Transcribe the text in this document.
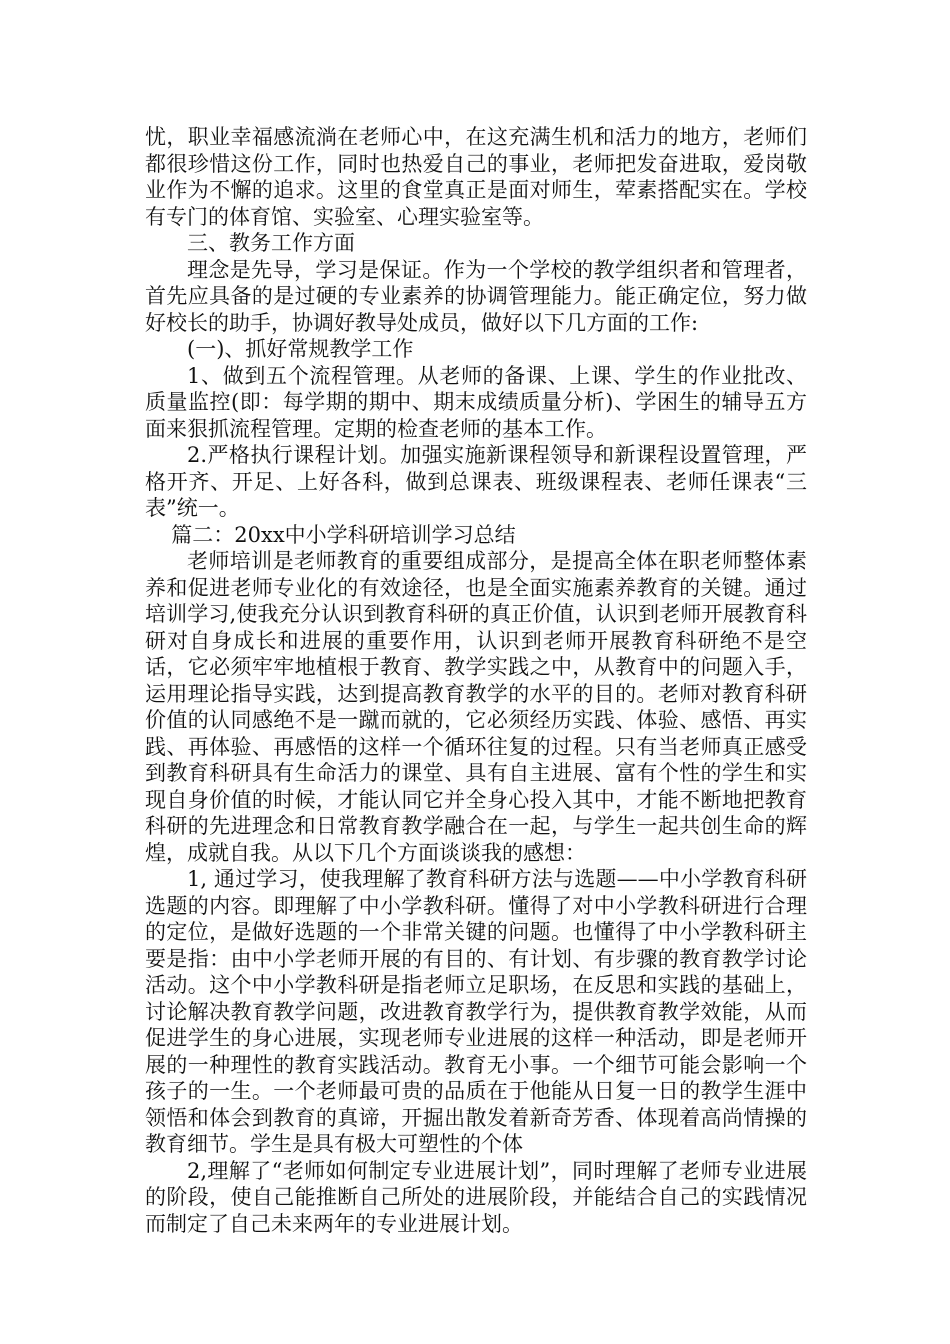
忧，职业幸福感流淌在老师心中，在这充满生机和活力的地方，老师们都很珍惜这份工作，同时也热爱自己的事业，老师把发奋进取，爱岗敬业作为不懈的追求。这里的食堂真正是面对师生，荤素搭配实在。学校有专门的体育馆、实验室、心理实验室等。

三、教务工作方面

理念是先导，学习是保证。作为一个学校的教学组织者和管理者，首先应具备的是过硬的专业素养的协调管理能力。能正确定位，努力做好校长的助手，协调好教导处成员，做好以下几方面的工作:

(一)、抓好常规教学工作

1、做到五个流程管理。从老师的备课、上课、学生的作业批改、质量监控(即：每学期的期中、期末成绩质量分析)、学困生的辅导五方面来狠抓流程管理。定期的检查老师的基本工作。

2.严格执行课程计划。加强实施新课程领导和新课程设置管理，严格开齐、开足、上好各科，做到总课表、班级课程表、老师任课表“三表”统一。

篇二：20xx中小学科研培训学习总结

老师培训是老师教育的重要组成部分，是提高全体在职老师整体素养和促进老师专业化的有效途径，也是全面实施素养教育的关键。通过培训学习,使我充分认识到教育科研的真正价值，认识到老师开展教育科研对自身成长和进展的重要作用，认识到老师开展教育科研绝不是空话，它必须牢牢地植根于教育、教学实践之中，从教育中的问题入手，运用理论指导实践，达到提高教育教学的水平的目的。老师对教育科研价值的认同感绝不是一蹴而就的，它必须经历实践、体验、感悟、再实践、再体验、再感悟的这样一个循环往复的过程。只有当老师真正感受到教育科研具有生命活力的课堂、具有自主进展、富有个性的学生和实现自身价值的时候，才能认同它并全身心投入其中，才能不断地把教育科研的先进理念和日常教育教学融合在一起，与学生一起共创生命的辉煌，成就自我。从以下几个方面谈谈我的感想：

1, 通过学习，使我理解了教育科研方法与选题——中小学教育科研选题的内容。即理解了中小学教科研。懂得了对中小学教科研进行合理的定位，是做好选题的一个非常关键的问题。也懂得了中小学教科研主要是指：由中小学老师开展的有目的、有计划、有步骤的教育教学讨论活动。这个中小学教科研是指老师立足职场，在反思和实践的基础上，讨论解决教育教学问题，改进教育教学行为，提供教育教学效能，从而促进学生的身心进展，实现老师专业进展的这样一种活动，即是老师开展的一种理性的教育实践活动。教育无小事。一个细节可能会影响一个孩子的一生。一个老师最可贵的品质在于他能从日复一日的教学生涯中领悟和体会到教育的真谛，开掘出散发着新奇芳香、体现着高尚情操的教育细节。学生是具有极大可塑性的个体

2,理解了“老师如何制定专业进展计划”，同时理解了老师专业进展的阶段，使自己能推断自己所处的进展阶段，并能结合自己的实践情况而制定了自己未来两年的专业进展计划。
